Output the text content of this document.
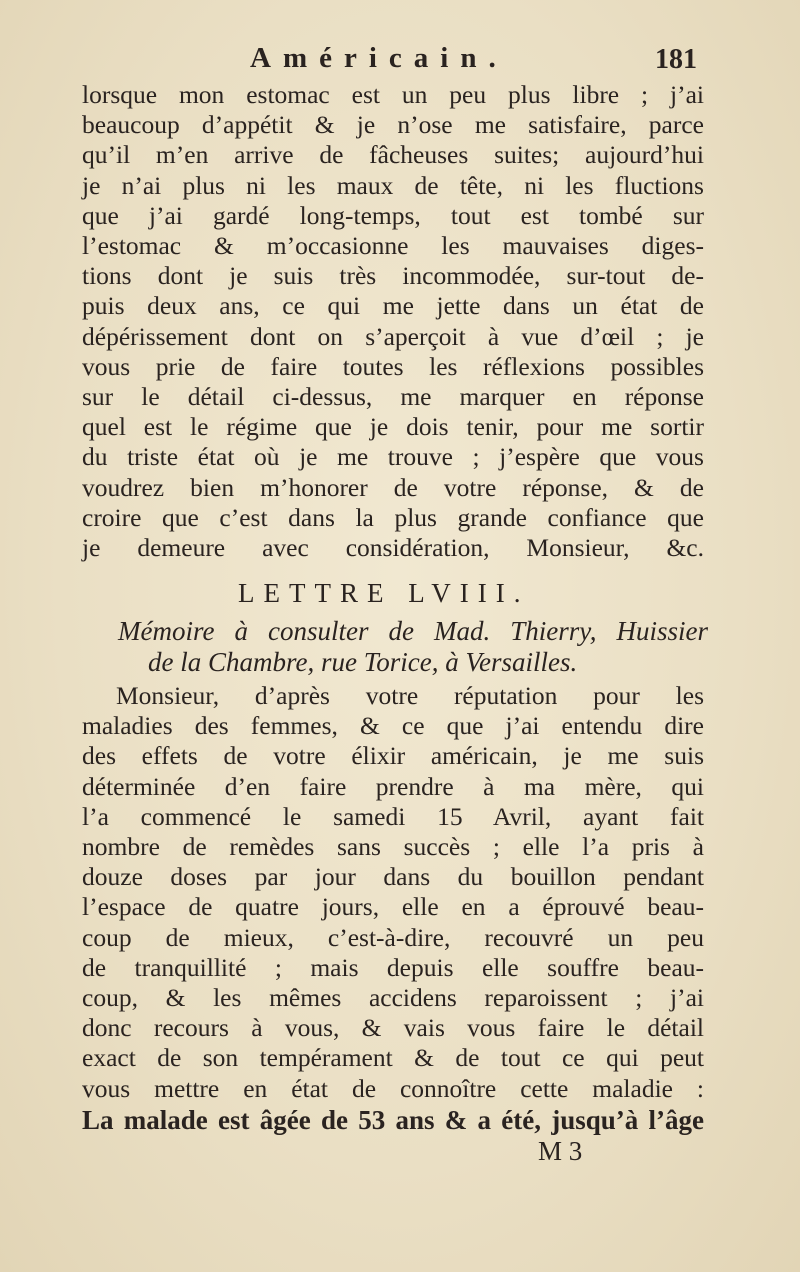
Américain.	181
lorsque mon estomac est un peu plus libre ; j’ai
beaucoup d’appétit & je n’ose me satisfaire, parce
qu’il m’en arrive de fâcheuses suites; aujourd’hui
je n’ai plus ni les maux de tête, ni les fluctions
que j’ai gardé long-temps, tout est tombé sur
l’estomac & m’occasionne les mauvaises diges-
tions dont je suis très incommodée, sur-tout de-
puis deux ans, ce qui me jette dans un état de
dépérissement dont on s’aperçoit à vue d’œil ; je
vous prie de faire toutes les réflexions possibles
sur le détail ci-dessus, me marquer en réponse
quel est le régime que je dois tenir, pour me sortir
du triste état où je me trouve ; j’espère que vous
voudrez bien m’honorer de votre réponse, & de
croire que c’est dans la plus grande confiance que
je demeure avec considération, Monsieur, &c.
LETTRE LVIII.
Mémoire à consulter de Mad. Thierry, Huissier
de la Chambre, rue Torice, à Versailles.
Monsieur, d’après votre réputation pour les
maladies des femmes, & ce que j’ai entendu dire
des effets de votre élixir américain, je me suis
déterminée d’en faire prendre à ma mère, qui
l’a commencé le samedi 15 Avril, ayant fait
nombre de remèdes sans succès ; elle l’a pris à
douze doses par jour dans du bouillon pendant
l’espace de quatre jours, elle en a éprouvé beau-
coup de mieux, c’est-à-dire, recouvré un peu
de tranquillité ; mais depuis elle souffre beau-
coup, & les mêmes accidens reparoissent ; j’ai
donc recours à vous, & vais vous faire le détail
exact de son tempérament & de tout ce qui peut
vous mettre en état de connoître cette maladie :
La malade est âgée de 53 ans & a été, jusqu’à l’âge
M 3
